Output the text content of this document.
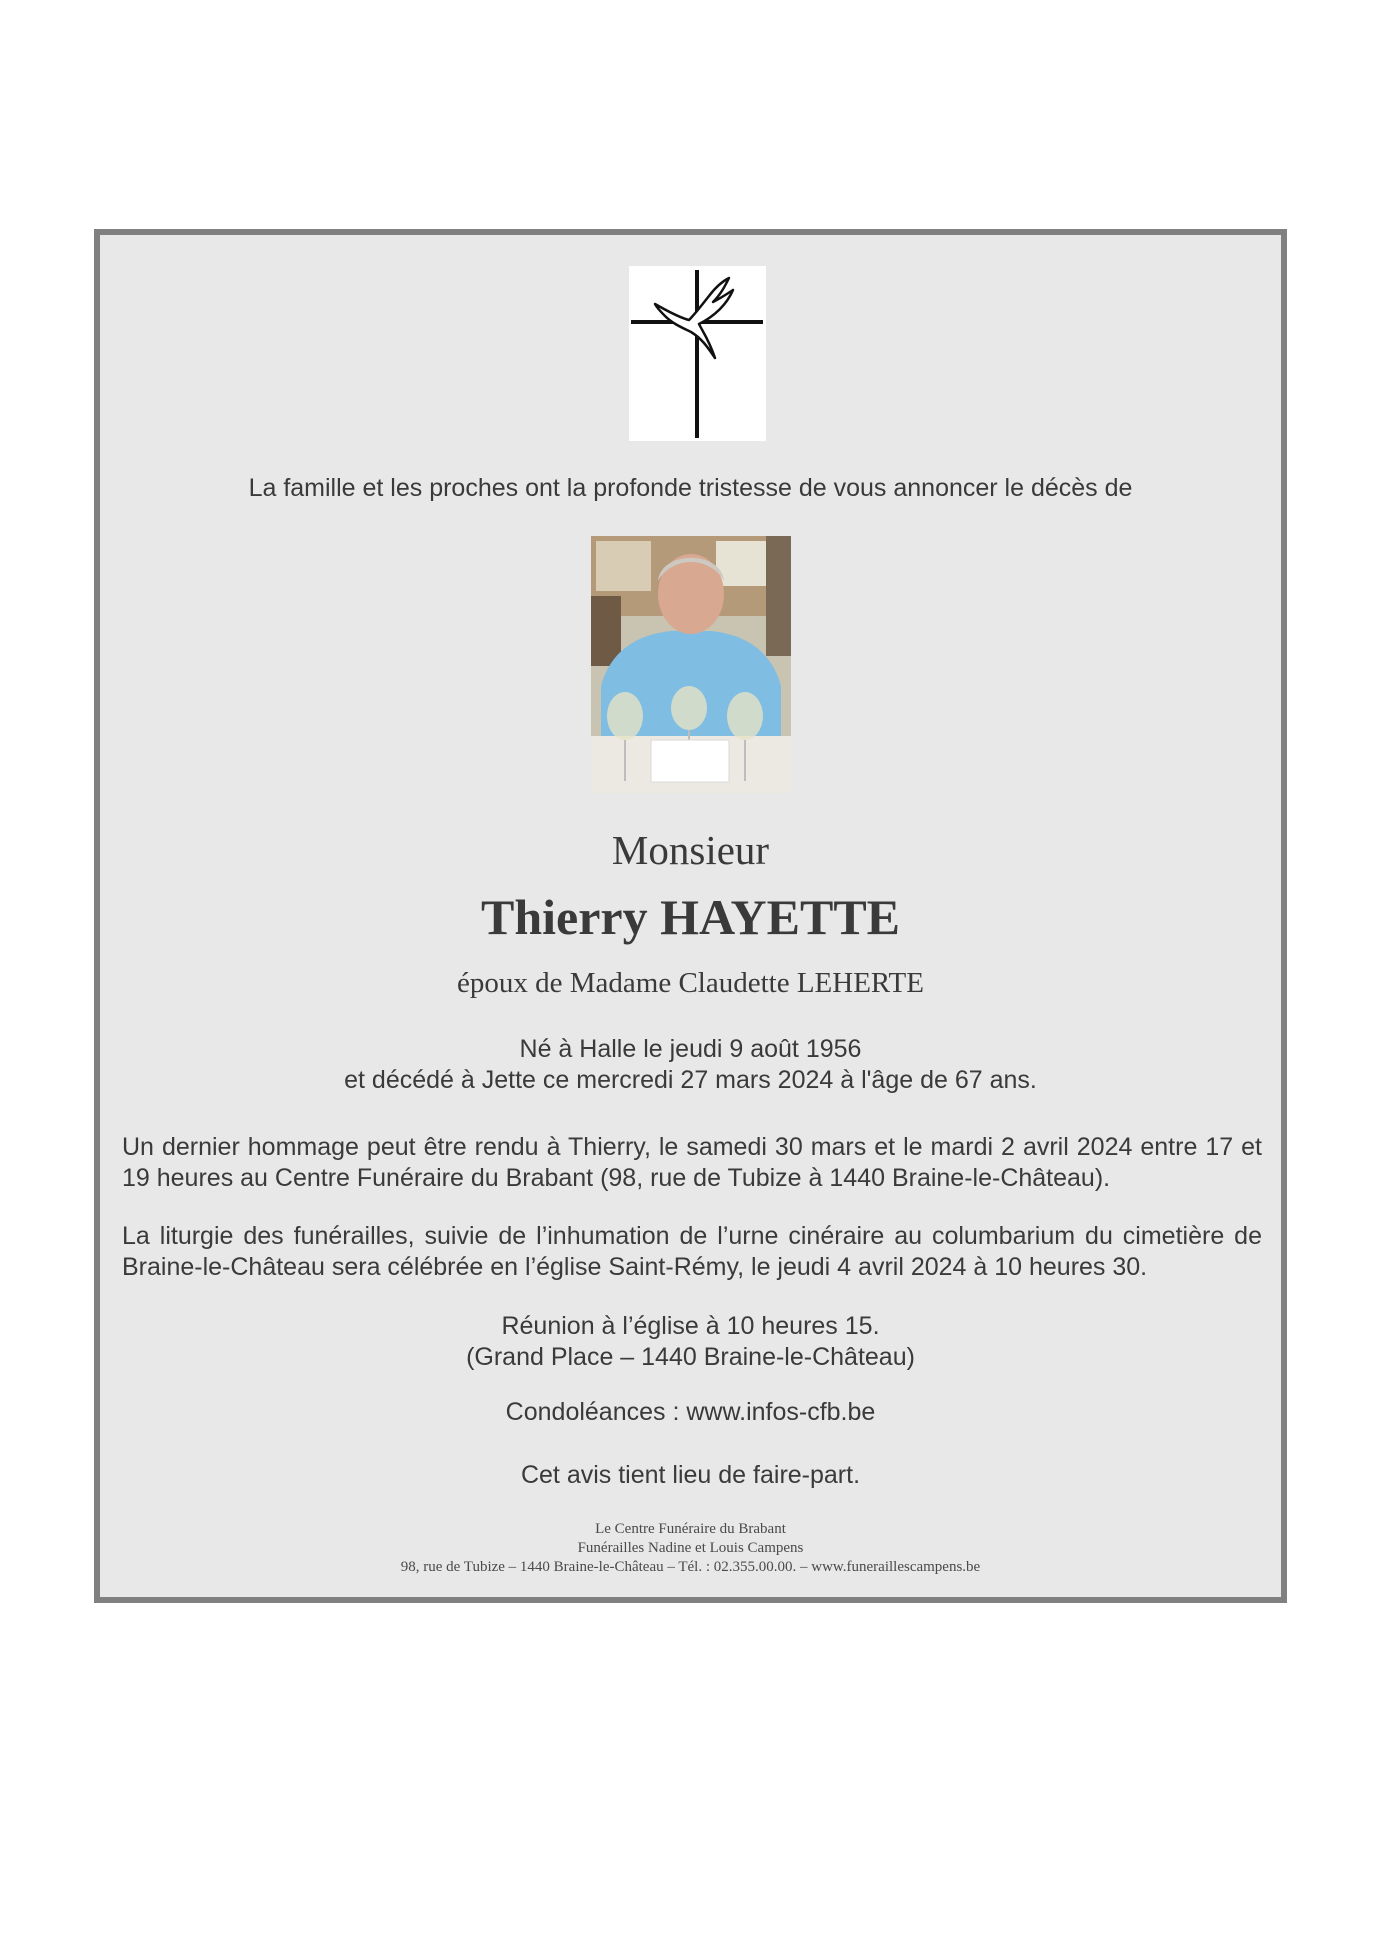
La famille et les proches ont la profonde tristesse de vous annoncer le décès de
Monsieur
Thierry HAYETTE
époux de Madame Claudette LEHERTE
Né à Halle le jeudi 9 août 1956
et décédé à Jette ce mercredi 27 mars 2024 à l'âge de 67 ans.
Un dernier hommage peut être rendu à Thierry, le samedi 30 mars et le mardi 2 avril 2024 entre 17 et 19 heures au Centre Funéraire du Brabant (98, rue de Tubize à 1440 Braine-le-Château).
La liturgie des funérailles, suivie de l’inhumation de l’urne cinéraire au columbarium du cimetière de Braine-le-Château sera célébrée en l’église Saint-Rémy, le jeudi 4 avril 2024 à 10 heures 30.
Réunion à l’église à 10 heures 15.
(Grand Place – 1440 Braine-le-Château)
Condoléances : www.infos-cfb.be
Cet avis tient lieu de faire-part.
Le Centre Funéraire du Brabant
Funérailles Nadine et Louis Campens
98, rue de Tubize – 1440 Braine-le-Château – Tél. : 02.355.00.00. – www.funeraillescampens.be
